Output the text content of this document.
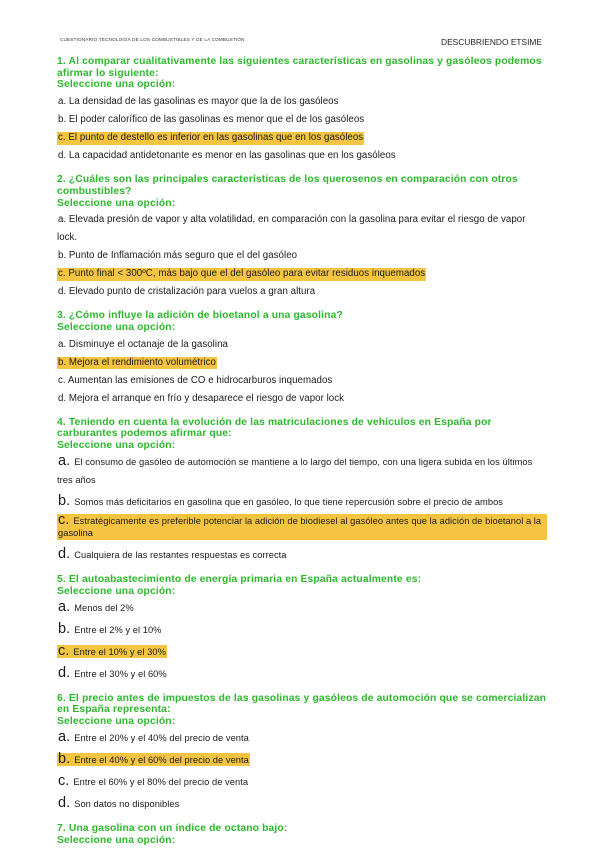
CUESTIONARIO TECNOLOGÍA DE LOS COMBUSTIBLES Y DE LA COMBUSTIÓN	DESCUBRIENDO ETSIME
1. Al comparar cualitativamente las siguientes características en gasolinas y gasóleos podemos afirmar lo siguiente:
Seleccione una opción:
a. La densidad de las gasolinas es mayor que la de los gasóleos
b. El poder calorífico de las gasolinas es menor que el de los gasóleos
c. El punto de destello es inferior en las gasolinas que en los gasóleos
d. La capacidad antidetonante es menor en las gasolinas que en los gasóleos
2. ¿Cuáles son las principales características de los querosenos en comparación con otros combustibles?
Seleccione una opción:
a. Elevada presión de vapor y alta volatilidad, en comparación con la gasolina para evitar el riesgo de vapor lock.
b. Punto de Inflamación más seguro que el del gasóleo
c. Punto final < 300ºC, más bajo que el del gasóleo para evitar residuos inquemados
d. Elevado punto de cristalización para vuelos a gran altura
3. ¿Cómo influye la adición de bioetanol a una gasolina?
Seleccione una opción:
a. Disminuye el octanaje de la gasolina
b. Mejora el rendimiento volumétrico
c. Aumentan las emisiones de CO e hidrocarburos inquemados
d. Mejora el arranque en frío y desaparece el riesgo de vapor lock
4. Teniendo en cuenta la evolución de las matriculaciones de vehículos en España por carburantes podemos afirmar que:
Seleccione una opción:
a. El consumo de gasóleo de automoción se mantiene a lo largo del tiempo, con una ligera subida en los últimos tres años
b. Somos más deficitarios en gasolina que en gasóleo, lo que tiene repercusión sobre el precio de ambos
c. Estratégicamente es preferible potenciar la adición de biodiesel al gasóleo antes que la adición de bioetanol a la gasolina
d. Cualquiera de las restantes respuestas es correcta
5. El autoabastecimiento de energía primaria en España actualmente es:
Seleccione una opción:
a. Menos del 2%
b. Entre el 2% y el 10%
c. Entre el 10% y el 30%
d. Entre el 30% y el 60%
6. El precio antes de impuestos de las gasolinas y gasóleos de automoción que se comercializan en España representa:
Seleccione una opción:
a. Entre el 20% y el 40% del precio de venta
b. Entre el 40% y el 60% del precio de venta
c. Entre el 60% y el 80% del precio de venta
d. Son datos no disponibles
7. Una gasolina con un índice de octano bajo:
Seleccione una opción:
